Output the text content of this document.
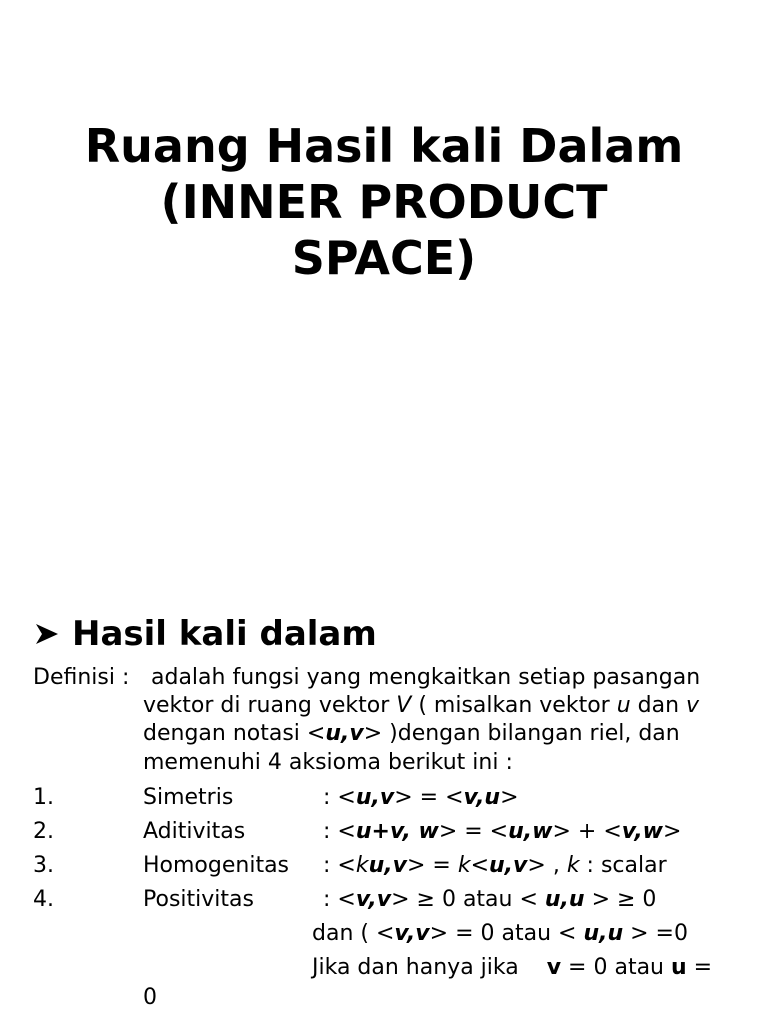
Ruang Hasil kali Dalam
(INNER PRODUCT
SPACE)
Hasil kali dalam
Definisi : adalah fungsi yang mengkaitkan setiap pasangan
vektor di ruang vektor V ( misalkan vektor u dan v
dengan notasi <u,v> )dengan bilangan riel, dan
memenuhi 4 aksioma berikut ini :
1.	Simetris	: <u,v> = <v,u>
2.	Aditivitas	: <u+v, w> = <u,w> + <v,w>
3.	Homogenitas : <ku,v> = k<u,v> , k : scalar
4.	Positivitas	: <v,v> ≥ 0 atau < u,u > ≥ 0
dan ( <v,v> = 0 atau < u,u > =0
Jika dan hanya jika    v = 0 atau u =
0
